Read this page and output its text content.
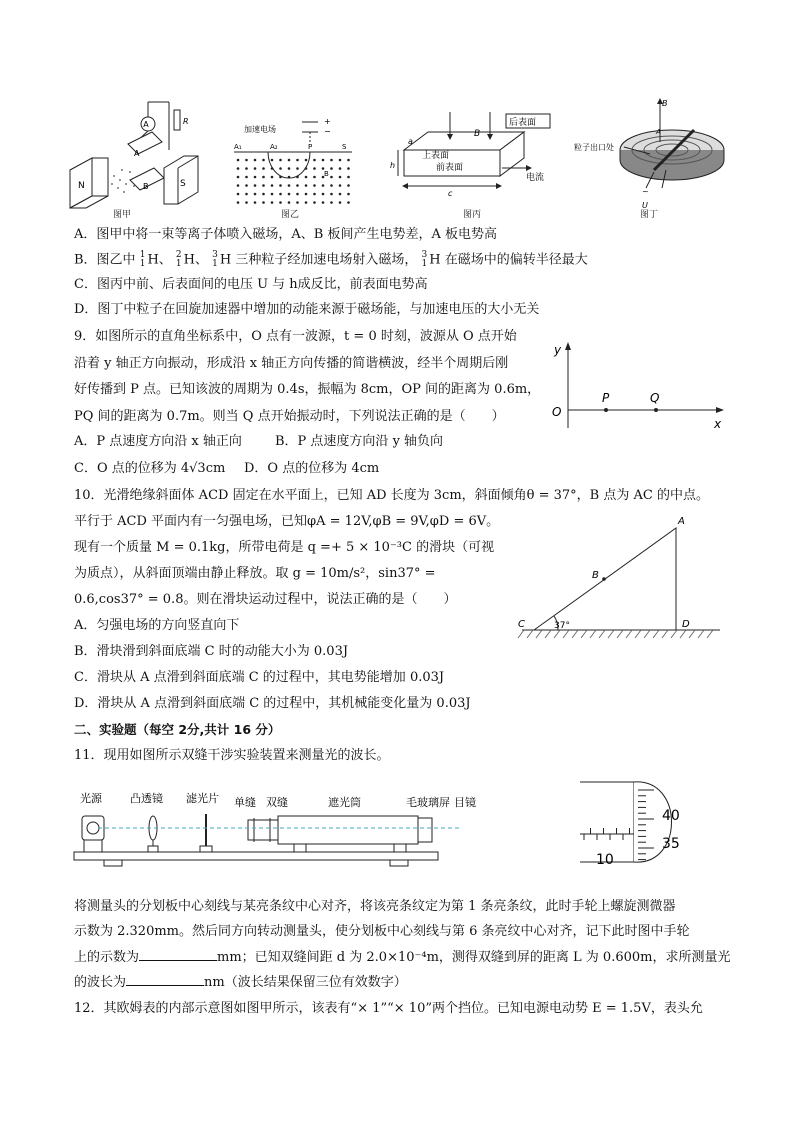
A	R
A
B
N	S
图甲
加速电场
+
−
A₁	A₂	P	S
B
图乙
B
后表面
上表面
前表面
电流
a
h
c
图丙
B
A
粒子出口处
~
U
图丁
A．图甲中将一束等离子体喷入磁场，A、B 板间产生电势差，A 板电势高
B．图乙中 1
1 H、 2
1 H、 3
1 H 三种粒子经加速电场射入磁场， 3
1 H 在磁场中的偏转半径最大
C．图丙中前、后表面间的电压 U 与 h成反比，前表面电势高
D．图丁中粒子在回旋加速器中增加的动能来源于磁场能，与加速电压的大小无关
9．如图所示的直角坐标系中，O 点有一波源，t = 0 时刻，波源从 O 点开始
沿着 y 轴正方向振动，形成沿 x 轴正方向传播的简谐横波，经半个周期后刚
好传播到 P 点。已知该波的周期为 0.4s，振幅为 8cm，OP 间的距离为 0.6m，
PQ 间的距离为 0.7m。则当 Q 点开始振动时，下列说法正确的是（　　）
A．P 点速度方向沿 x 轴正向	B．P 点速度方向沿 y 轴负向
C．O 点的位移为 4√3cm D．O 点的位移为 4cm
y
x
O
P	Q
10．光滑绝缘斜面体 ACD 固定在水平面上，已知 AD 长度为 3cm，斜面倾角θ = 37°，B 点为 AC 的中点。
平行于 ACD 平面内有一匀强电场，已知φA = 12V,φB = 9V,φD = 6V。
现有一个质量 M = 0.1kg，所带电荷是 q =+ 5 × 10⁻³C 的滑块（可视
为质点），从斜面顶端由静止释放。取 g = 10m/s²，sin37° =
0.6,cos37° = 0.8。则在滑块运动过程中，说法正确的是（　　）
A．匀强电场的方向竖直向下
B．滑块滑到斜面底端 C 时的动能大小为 0.03J
C．滑块从 A 点滑到斜面底端 C 的过程中，其电势能增加 0.03J
D．滑块从 A 点滑到斜面底端 C 的过程中，其机械能变化量为 0.03J
A
B
C	D
37°
二、实验题（每空 2分,共计 16 分）
11．现用如图所示双缝干涉实验装置来测量光的波长。
光源	凸透镜 滤光片 单缝 双缝	遮光筒	毛玻璃屏 目镜
40
35
10
将测量头的分划板中心刻线与某亮条纹中心对齐，将该亮条纹定为第 1 条亮条纹，此时手轮上螺旋测微器
示数为 2.320mm。然后同方向转动测量头，使分划板中心刻线与第 6 条亮纹中心对齐，记下此时图中手轮
上的示数为	mm；已知双缝间距 d 为 2.0×10⁻⁴m，测得双缝到屏的距离 L 为 0.600m，求所测量光
的波长为	nm（波长结果保留三位有效数字）
12．其欧姆表的内部示意图如图甲所示，该表有“× 1”“× 10”两个挡位。已知电源电动势 E = 1.5V，表头允
